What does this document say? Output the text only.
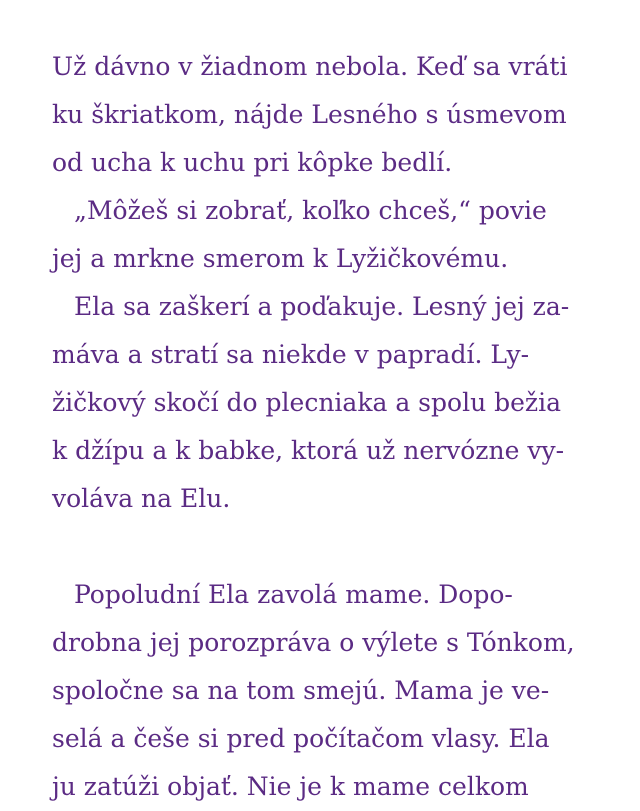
Už dávno v žiadnom nebola. Keď sa vráti
ku škriatkom, nájde Lesného s úsmevom
od ucha k uchu pri kôpke bedlí.
„Môžeš si zobrať, koľko chceš,“ povie
jej a mrkne smerom k Lyžičkovému.
Ela sa zaškerí a poďakuje. Lesný jej za-
máva a stratí sa niekde v papradí. Ly-
žičkový skočí do plecniaka a spolu bežia
k džípu a k babke, ktorá už nervózne vy-
voláva na Elu.
Popoludní Ela zavolá mame. Dopo-
drobna jej porozpráva o výlete s Tónkom,
spoločne sa na tom smejú. Mama je ve-
selá a češe si pred počítačom vlasy. Ela
ju zatúži objať. Nie je k mame celkom
